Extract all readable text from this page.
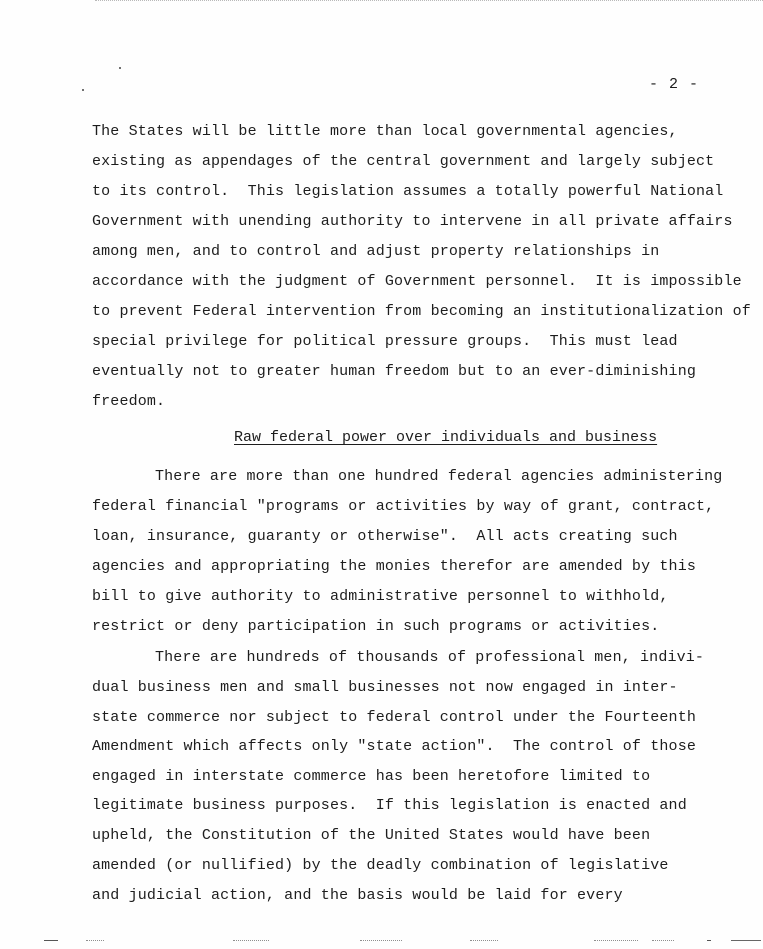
- 2 -
The States will be little more than local governmental agencies,
existing as appendages of the central government and largely subject
to its control.  This legislation assumes a totally powerful National
Government with unending authority to intervene in all private affairs
among men, and to control and adjust property relationships in
accordance with the judgment of Government personnel.  It is impossible
to prevent Federal intervention from becoming an institutionalization of
special privilege for political pressure groups.  This must lead
eventually not to greater human freedom but to an ever-diminishing
freedom.
Raw federal power over individuals and business
There are more than one hundred federal agencies administering
federal financial "programs or activities by way of grant, contract,
loan, insurance, guaranty or otherwise".  All acts creating such
agencies and appropriating the monies therefor are amended by this
bill to give authority to administrative personnel to withhold,
restrict or deny participation in such programs or activities.
There are hundreds of thousands of professional men, indivi-
dual business men and small businesses not now engaged in inter-
state commerce nor subject to federal control under the Fourteenth
Amendment which affects only "state action".  The control of those
engaged in interstate commerce has been heretofore limited to
legitimate business purposes.  If this legislation is enacted and
upheld, the Constitution of the United States would have been
amended (or nullified) by the deadly combination of legislative
and judicial action, and the basis would be laid for every
